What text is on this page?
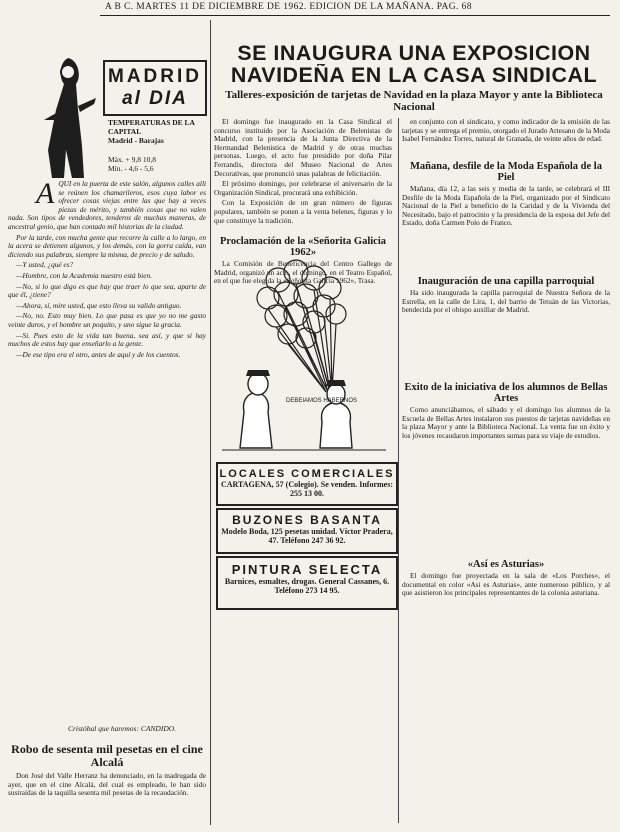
A B C. MARTES 11 DE DICIEMBRE DE 1962. EDICION DE LA MAÑANA. PAG. 68
MADRID
al DIA
TEMPERATURAS DE LA CAPITAL
Madrid - Barajas
Máx. + 9,8 10,8
Mín. - 4,6 - 5,6
A QUI en la puerta de este salón, algunos calles allí se reúnen los chamarileros, esos cuya labor es ofrecer cosas viejas entre las que hay a veces piezas de mérito, y también cosas que no valen nada. Son tipos de vendedores, tenderos de muchas maneras, de ancestral genio, que han contado mil historias de la ciudad.

Por la tarde, con mucha gente que recorre la calle a lo largo, en la acera se detienen algunos, y los demás, con la gorra caída, van diciendo sus palabras, siempre la misma, de precio y de saludo.

—Y usted, ¿qué es?

—Hombre, con la Academia nuestro está bien.

—No, si lo que digo es que hay que traer lo que sea, aparte de que él, ¿tiene?

—Ahora, sí, mire usted, que esto lleva su valido antiguo.

—No, no. Esto muy bien. Lo que pasa es que yo no me gasto veinte duros, y el hombre un poquito, y uno sigue la gracia.

—Si. Pues esto de la vida tan buena, sea así, y que si hay muchos de estos hay que enseñarlo a la gente.

—De ese tipo era el otro, antes de aquí y de los cuentos.

Cristóbal que haremos: CANDIDO.
Robo de sesenta mil pesetas en el cine Alcalá

Don José del Valle Herranz ha denunciado, en la madrugada de ayer, que en el cine Alcalá, del cual es empleado, le han sido sustraídas de la taquilla sesenta mil pesetas de la recaudación.

SE INAUGURA UNA EXPOSICION
NAVIDEÑA EN LA CASA SINDICAL
Talleres-exposición de tarjetas de Navidad en la plaza Mayor y ante la Biblioteca Nacional

El domingo fue inaugurado en la Casa Sindical el concurso instituido por la Asociación de Belenistas de Madrid, con la presencia de la Junta Directiva de la Hermandad Belenística de Madrid y de otras muchas personas. Luego, el acto fue presidido por doña Pilar Ferrandis, directora del Museo Nacional de Artes Decorativas, que pronunció unas palabras de felicitación.

El próximo domingo, por celebrarse el aniversario de la Organización Sindical, procurará una exhibición.

Con la Exposición de un gran número de figuras populares, también se ponen a la venta belenes, figuras y lo que constituye la tradición.

Proclamación de la «Señorita Galicia 1962»

La Comisión de Beneficencia del Centro Gallego de Madrid, organizó un acto, el domingo, en el Teatro Español, en el que fue elegida la «Señorita Galicia 1962», Trasa.

DEBEIAMOS HABERNOS
LOCALES COMERCIALES
CARTAGENA, 57 (Colegio). Se venden. Informes: 255 13 00.
BUZONES BASANTA
Modelo Boda, 125 pesetas unidad. Víctor Pradera, 47. Teléfono 247 36 92.
PINTURA SELECTA
Barnices, esmaltes, drogas. General Cassanes, 6. Teléfono 273 14 95.

en conjunto con el sindicato, y como indicador de la emisión de las tarjetas y se entrega el premio, otorgado el Jurado Artesano de la Moda Isabel Fernández Torres, natural de Granada, de veinte años de edad.

Mañana, desfile de la Moda Española de la Piel

Mañana, día 12, a las seis y media de la tarde, se celebrará el III Desfile de la Moda Española de la Piel, organizado por el Sindicato Nacional de la Piel a beneficio de la Caridad y de la Vivienda del Necesitado, bajo el patrocinio y la presidencia de la esposa del Jefe del Estado, doña Carmen Polo de Franco.

Inauguración de una capilla parroquial

Ha sido inaugurada la capilla parroquial de Nuestra Señora de la Estrella, en la calle de Lira, 1, del barrio de Tetuán de las Victorias, bendecida por el obispo auxiliar de Madrid.

Exito de la iniciativa de los alumnos de Bellas Artes

Como anunciábamos, el sábado y el domingo los alumnos de la Escuela de Bellas Artes instalaron sus puestos de tarjetas navideñas en la plaza Mayor y ante la Biblioteca Nacional. La venta fue un éxito y los jóvenes recaudaron importantes sumas para su viaje de estudios.

«Así es Asturias»

El domingo fue proyectada en la sala de «Los Porches», el documental en color «Así es Asturias», ante numeroso público, y al que asistieron los principales representantes de la colonia asturiana.
